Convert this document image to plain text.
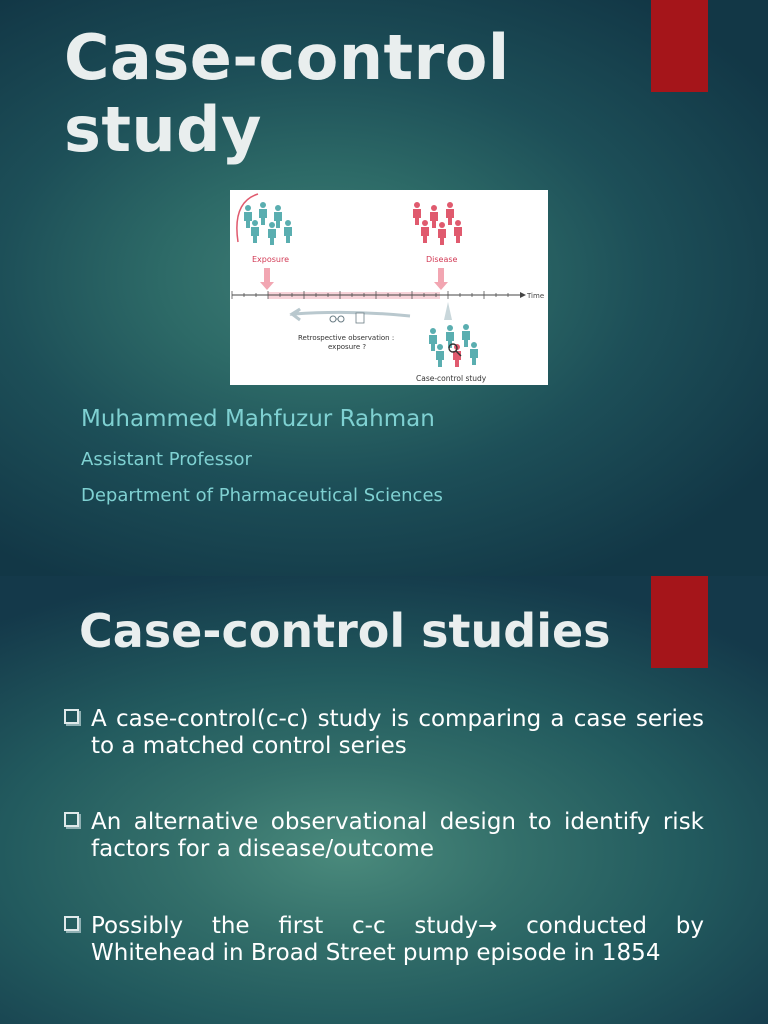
Case-control
study
Exposure	Disease
Time
Retrospective observation :
exposure ?
Case-control study
Muhammed Mahfuzur Rahman
Assistant Professor
Department of Pharmaceutical Sciences
Case-control studies
A case-control(c-c) study is comparing a case series to a matched control series
An alternative observational design to identify risk factors for a disease/outcome
Possibly the first c-c study→ conducted by Whitehead in Broad Street pump episode in 1854
